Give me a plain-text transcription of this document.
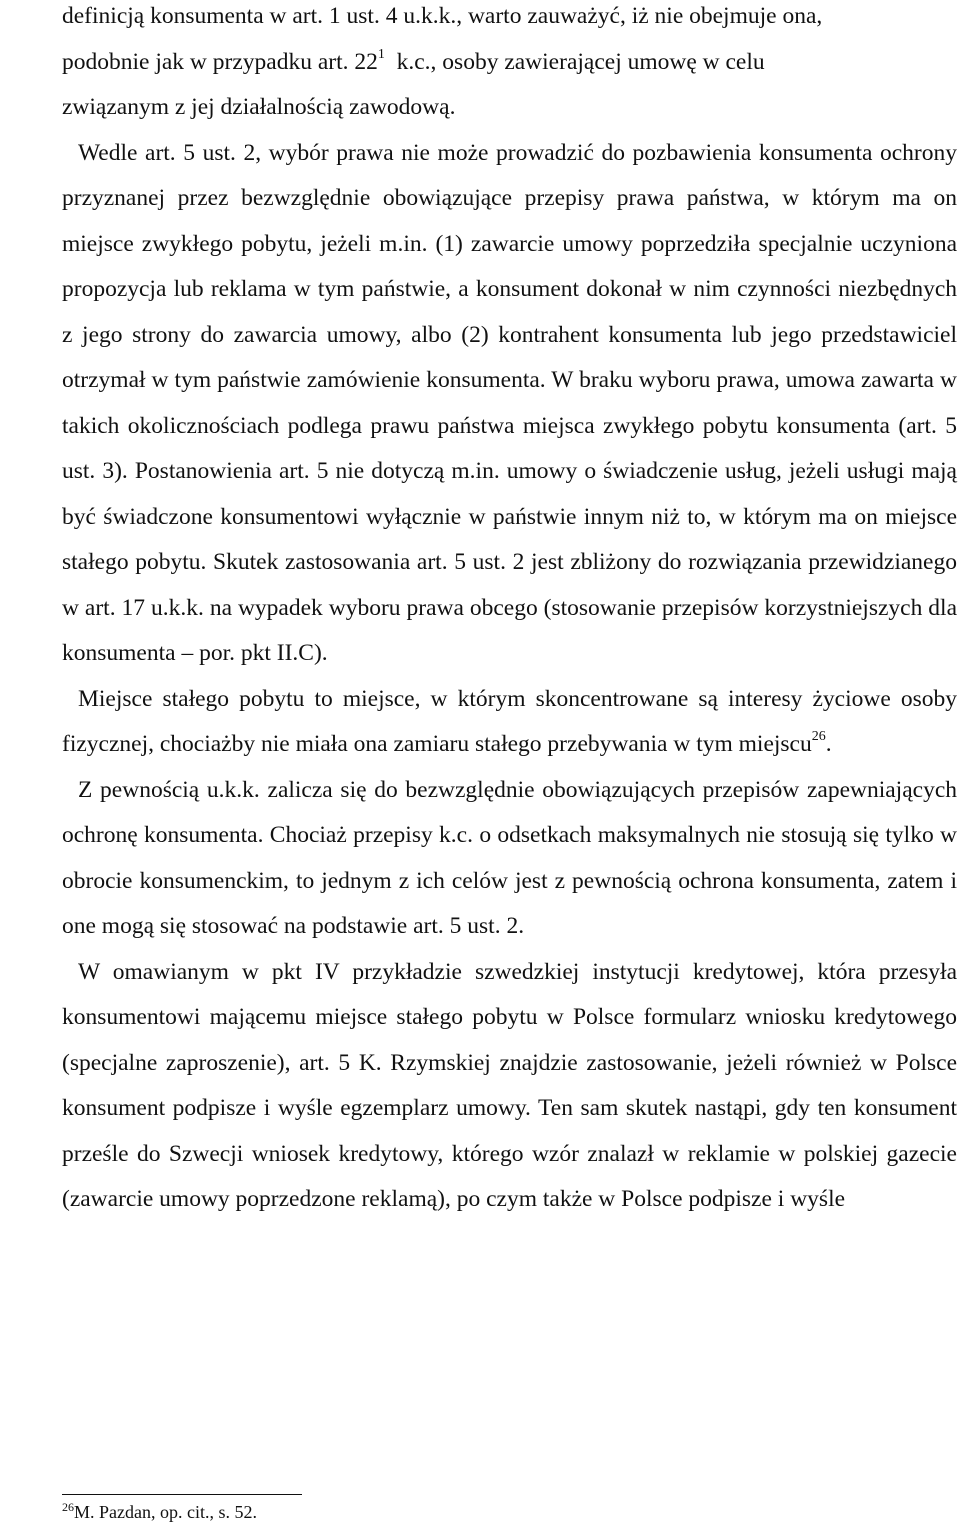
definicją konsumenta w art. 1 ust. 4 u.k.k., warto zauważyć, iż nie obejmuje ona,
podobnie jak w przypadku art. 22$^1$ k.c., osoby zawierającej umowę w celu
związanym z jej działalnością zawodową.

Wedle art. 5 ust. 2, wybór prawa nie może prowadzić do pozbawienia konsumenta ochrony przyznanej przez bezwzględnie obowiązujące przepisy prawa państwa, w którym ma on miejsce zwykłego pobytu, jeżeli m.in. (1) zawarcie umowy poprzedziła specjalnie uczyniona propozycja lub reklama w tym państwie, a konsument dokonał w nim czynności niezbędnych z jego strony do zawarcia umowy, albo (2) kontrahent konsumenta lub jego przedstawiciel otrzymał w tym państwie zamówienie konsumenta. W braku wyboru prawa, umowa zawarta w takich okolicznościach podlega prawu państwa miejsca zwykłego pobytu konsumenta (art. 5 ust. 3). Postanowienia art. 5 nie dotyczą m.in. umowy o świadczenie usług, jeżeli usługi mają być świadczone konsumentowi wyłącznie w państwie innym niż to, w którym ma on miejsce stałego pobytu. Skutek zastosowania art. 5 ust. 2 jest zbliżony do rozwiązania przewidzianego w art. 17 u.k.k. na wypadek wyboru prawa obcego (stosowanie przepisów korzystniejszych dla konsumenta – por. pkt II.C).

Miejsce stałego pobytu to miejsce, w którym skoncentrowane są interesy życiowe osoby fizycznej, chociażby nie miała ona zamiaru stałego przebywania w tym miejscu$^{26}$.

Z pewnością u.k.k. zalicza się do bezwzględnie obowiązujących przepisów zapewniających ochronę konsumenta. Chociaż przepisy k.c. o odsetkach maksymalnych nie stosują się tylko w obrocie konsumenckim, to jednym z ich celów jest z pewnością ochrona konsumenta, zatem i one mogą się stosować na podstawie art. 5 ust. 2.

W omawianym w pkt IV przykładzie szwedzkiej instytucji kredytowej, która przesyła konsumentowi mającemu miejsce stałego pobytu w Polsce formularz wniosku kredytowego (specjalne zaproszenie), art. 5 K. Rzymskiej znajdzie zastosowanie, jeżeli również w Polsce konsument podpisze i wyśle egzemplarz umowy. Ten sam skutek nastąpi, gdy ten konsument prześle do Szwecji wniosek kredytowy, którego wzór znalazł w reklamie w polskiej gazecie (zawarcie umowy poprzedzone reklamą), po czym także w Polsce podpisze i wyśle

$^{26}$M. Pazdan, op. cit., s. 52.
